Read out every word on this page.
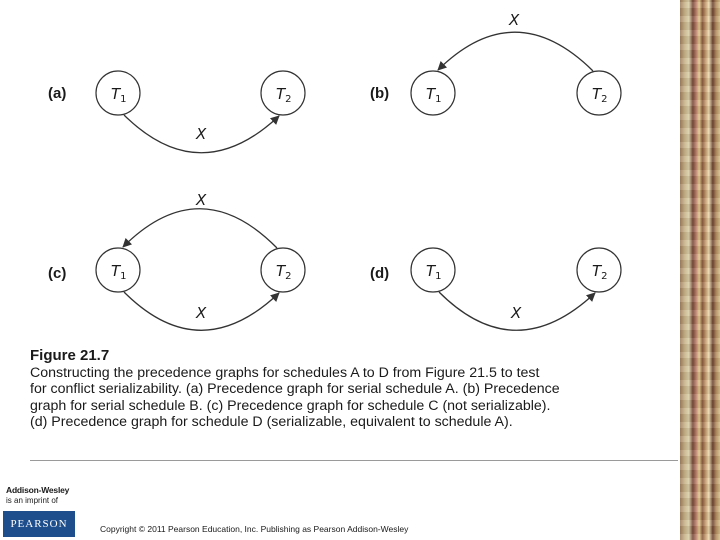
(a)	$T_1$	$T_2$
X
(b) $T_1$	$T_2$
X
(c)	$T_1$	$T_2$
X
X
(d) $T_1$	$T_2$
X
Figure 21.7
Constructing the precedence graphs for schedules A to D from Figure 21.5 to test
for conflict serializability. (a) Precedence graph for serial schedule A. (b) Precedence
graph for serial schedule B. (c) Precedence graph for schedule C (not serializable).
(d) Precedence graph for schedule D (serializable, equivalent to schedule A).
Addison-Wesley
is an imprint of
PEARSON	Copyright © 2011 Pearson Education, Inc. Publishing as Pearson Addison-Wesley
